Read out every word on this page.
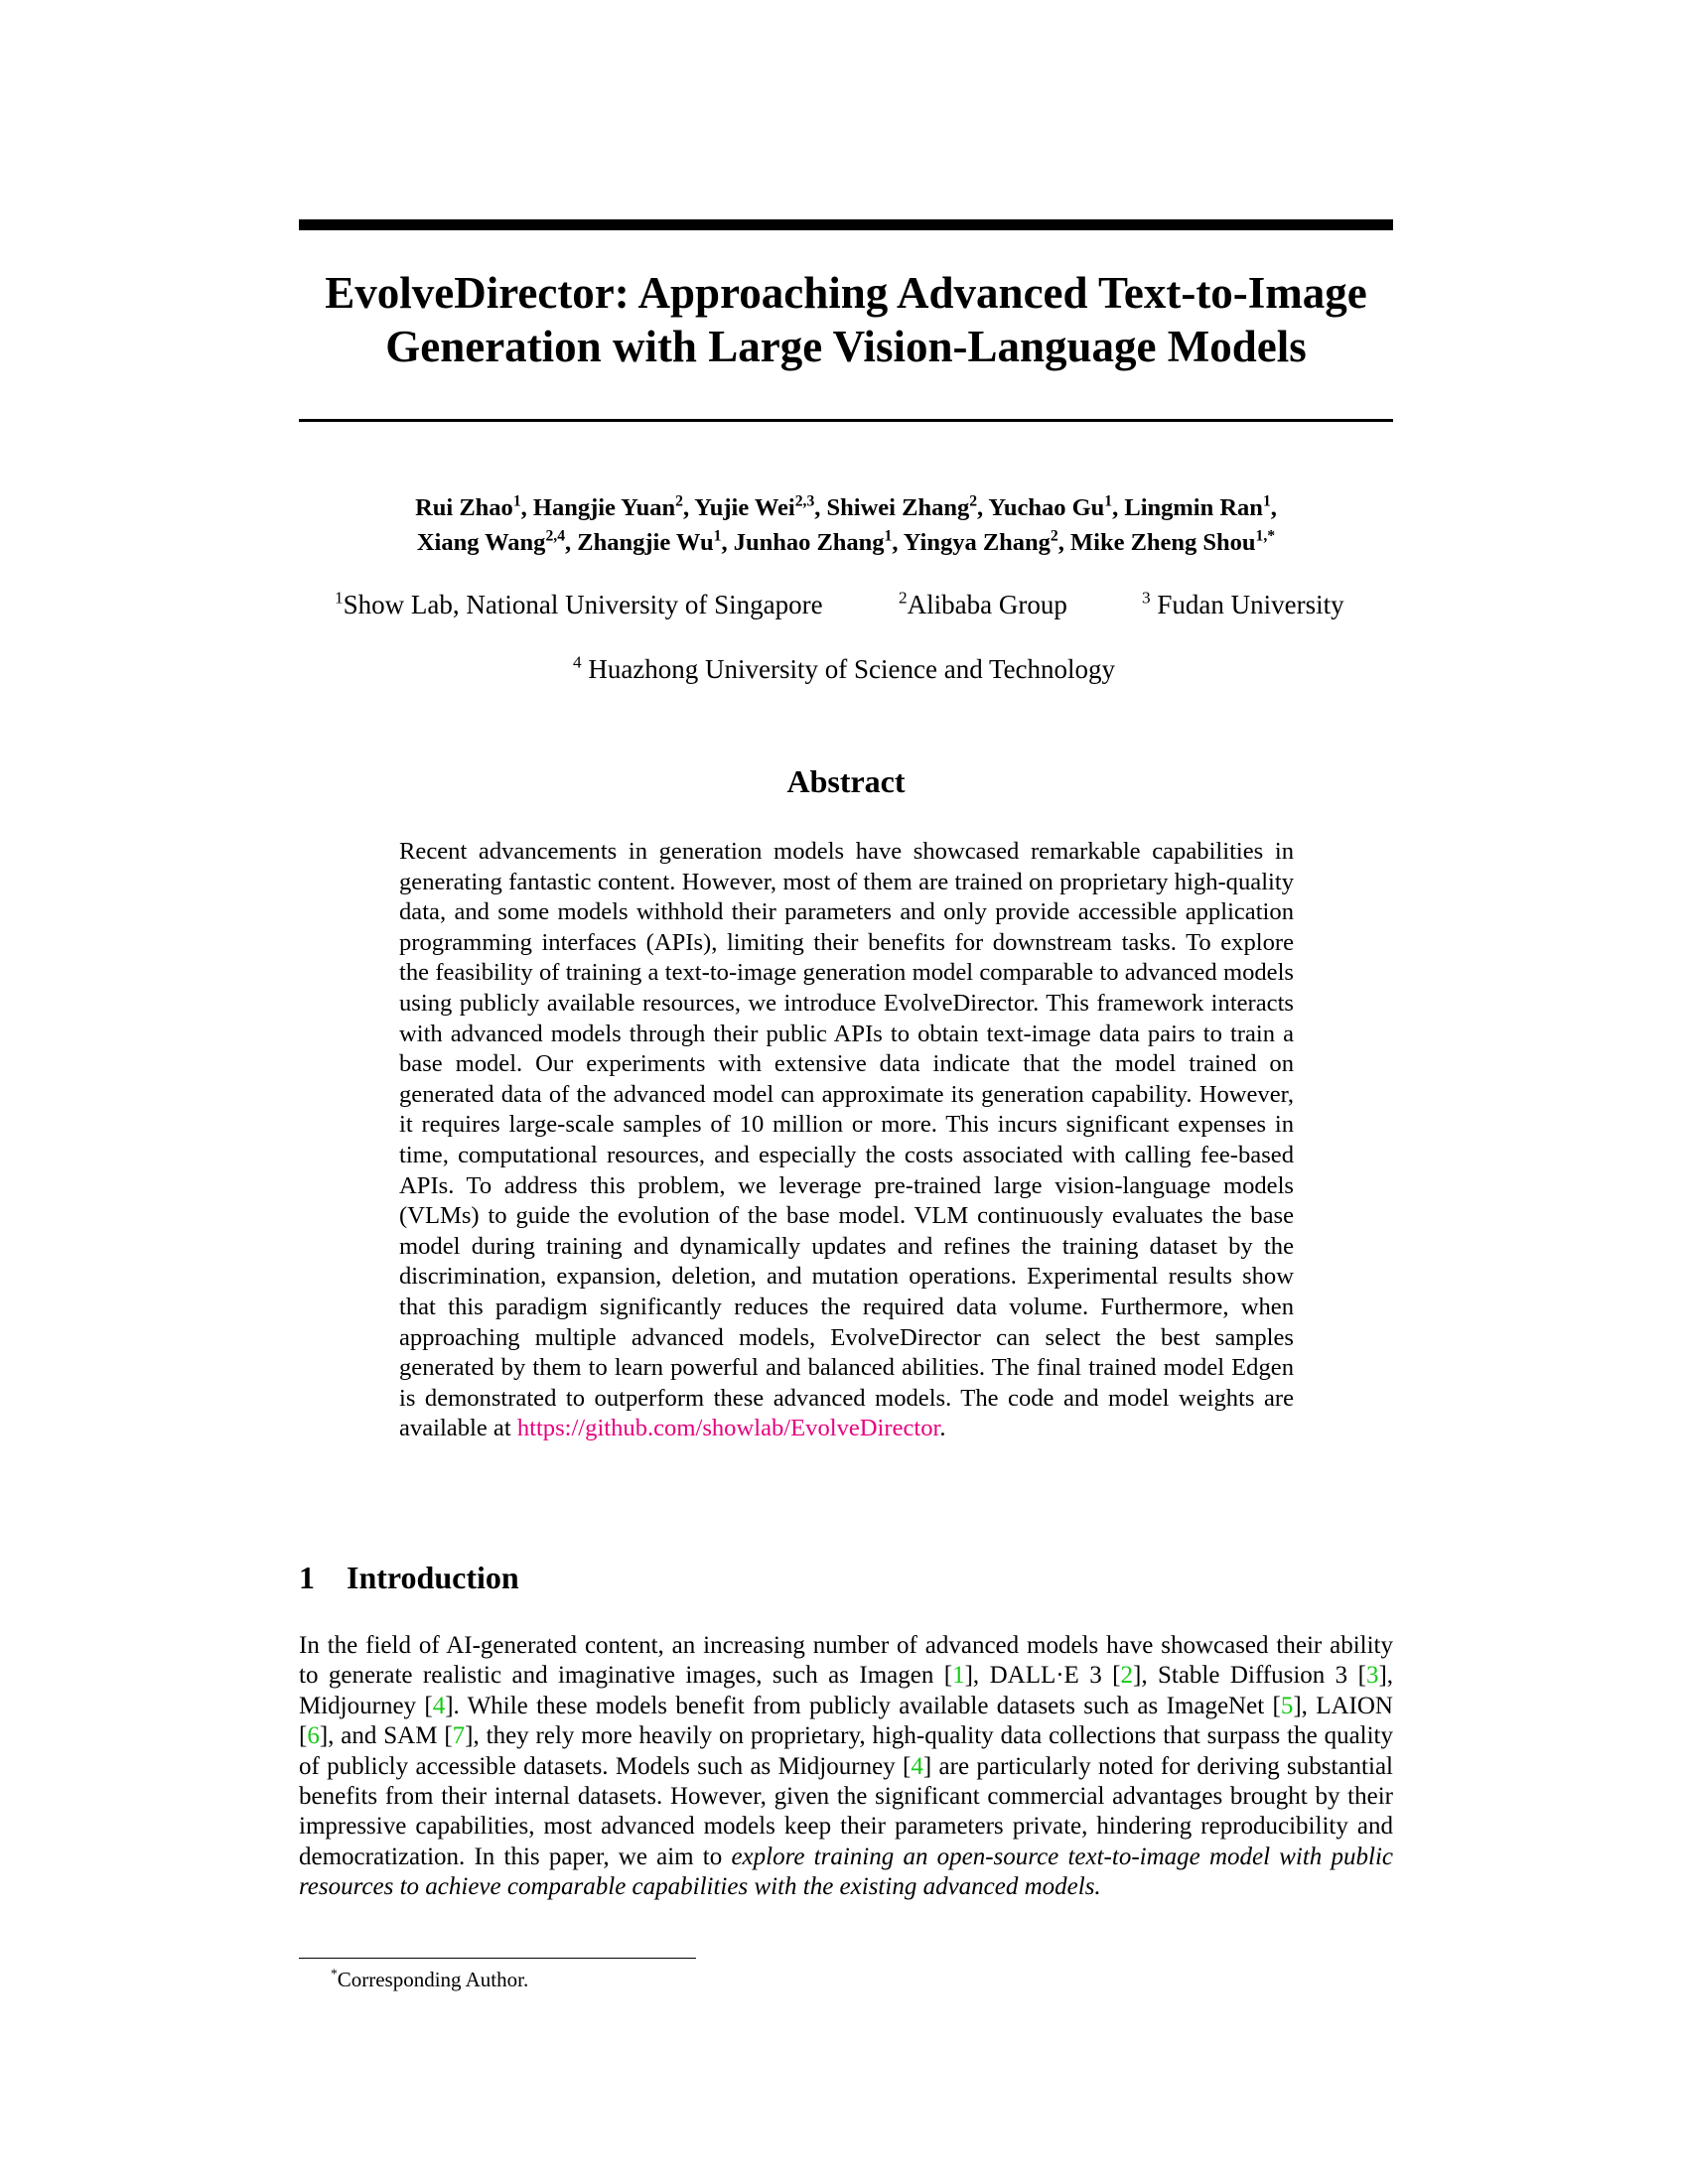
EvolveDirector: Approaching Advanced Text-to-Image
Generation with Large Vision-Language Models
Rui Zhao$^1$, Hangjie Yuan$^2$, Yujie Wei$^{2,3}$, Shiwei Zhang$^2$, Yuchao Gu$^1$, Lingmin Ran$^1$,
Xiang Wang$^{2,4}$, Zhangjie Wu$^1$, Junhao Zhang$^1$, Yingya Zhang$^2$, Mike Zheng Shou$^{1,*}$
$^1$Show Lab, National University of Singapore	$^2$Alibaba Group	$^3$ Fudan University
$^4$ Huazhong University of Science and Technology
Abstract
Recent advancements in generation models have showcased remarkable capabilities in generating fantastic content. However, most of them are trained on proprietary high-quality data, and some models withhold their parameters and only provide accessible application programming interfaces (APIs), limiting their benefits for downstream tasks. To explore the feasibility of training a text-to-image generation model comparable to advanced models using publicly available resources, we introduce EvolveDirector. This framework interacts with advanced models through their public APIs to obtain text-image data pairs to train a base model. Our experiments with extensive data indicate that the model trained on generated data of the advanced model can approximate its generation capability. However, it requires large-scale samples of 10 million or more. This incurs significant expenses in time, computational resources, and especially the costs associated with calling fee-based APIs. To address this problem, we leverage pre-trained large vision-language models (VLMs) to guide the evolution of the base model. VLM continuously evaluates the base model during training and dynamically updates and refines the training dataset by the discrimination, expansion, deletion, and mutation operations. Experimental results show that this paradigm significantly reduces the required data volume. Furthermore, when approaching multiple advanced models, EvolveDirector can select the best samples generated by them to learn powerful and balanced abilities. The final trained model Edgen is demonstrated to outperform these advanced models. The code and model weights are available at https://github.com/showlab/EvolveDirector.
1 Introduction
In the field of AI-generated content, an increasing number of advanced models have showcased their ability to generate realistic and imaginative images, such as Imagen [1], DALL·E 3 [2], Stable Diffusion 3 [3], Midjourney [4]. While these models benefit from publicly available datasets such as ImageNet [5], LAION [6], and SAM [7], they rely more heavily on proprietary, high-quality data collections that surpass the quality of publicly accessible datasets. Models such as Midjourney [4] are particularly noted for deriving substantial benefits from their internal datasets. However, given the significant commercial advantages brought by their impressive capabilities, most advanced models keep their parameters private, hindering reproducibility and democratization. In this paper, we aim to explore training an open-source text-to-image model with public resources to achieve comparable capabilities with the existing advanced models.
*Corresponding Author.
